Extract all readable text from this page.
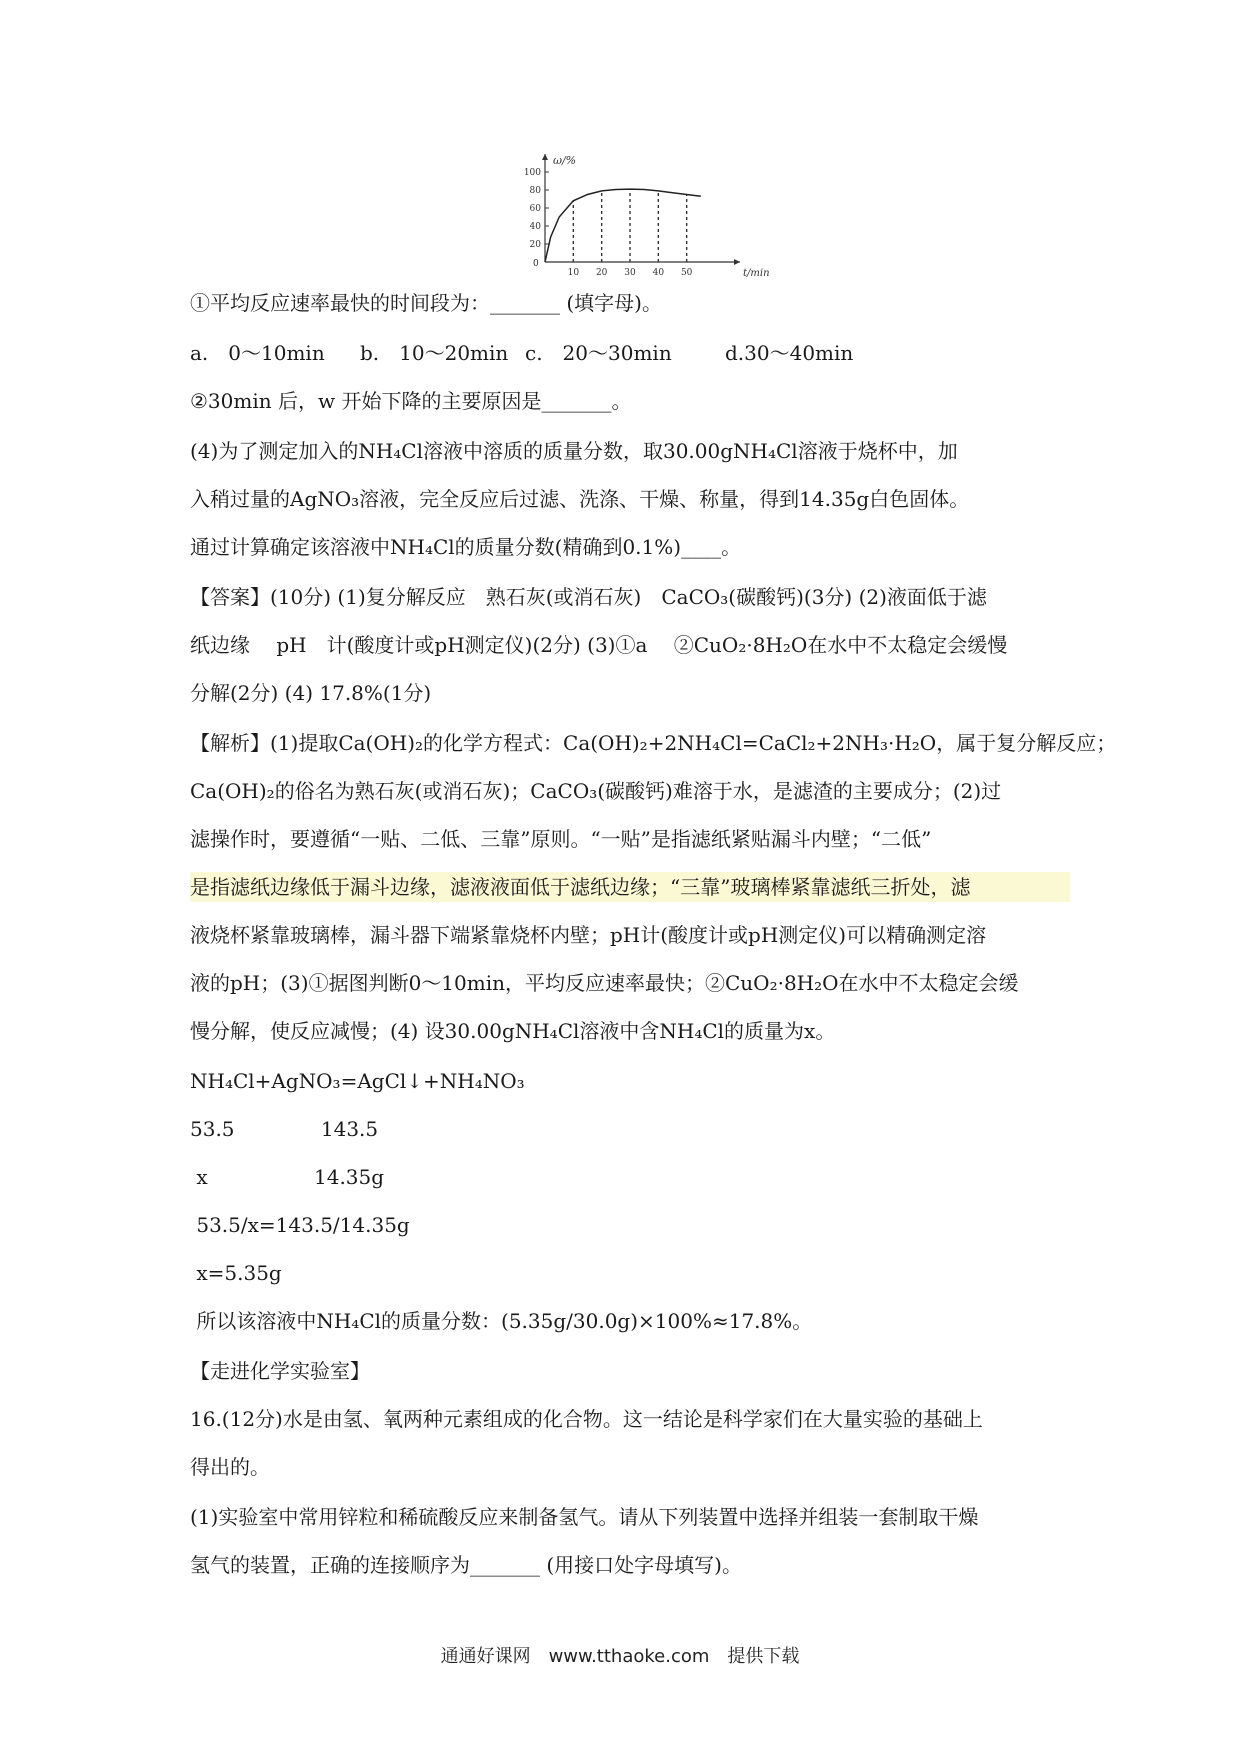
ω/%
t/min
0
20
40
60
80
100
10 20 30 40 50
①平均反应速率最快的时间段为：_______ (填字母)。
a.　0～10min b.　10～20min c.　20～30min	d.30～40min
②30min 后，w 开始下降的主要原因是_______。
(4)为了测定加入的NH₄Cl溶液中溶质的质量分数，取30.00gNH₄Cl溶液于烧杯中，加
入稍过量的AgNO₃溶液，完全反应后过滤、洗涤、干燥、称量，得到14.35g白色固体。
通过计算确定该溶液中NH₄Cl的质量分数(精确到0.1%)____。
【答案】(10分) (1)复分解反应　熟石灰(或消石灰)　CaCO₃(碳酸钙)(3分) (2)液面低于滤
纸边缘　 pH　计(酸度计或pH测定仪)(2分) (3)①a　 ②CuO₂·8H₂O在水中不太稳定会缓慢
分解(2分) (4) 17.8%(1分)
【解析】(1)提取Ca(OH)₂的化学方程式：Ca(OH)₂+2NH₄Cl=CaCl₂+2NH₃·H₂O，属于复分解反应；
Ca(OH)₂的俗名为熟石灰(或消石灰)；CaCO₃(碳酸钙)难溶于水，是滤渣的主要成分；(2)过
滤操作时，要遵循“一贴、二低、三靠”原则。“一贴”是指滤纸紧贴漏斗内壁；“二低”
是指滤纸边缘低于漏斗边缘，滤液液面低于滤纸边缘；“三靠”玻璃棒紧靠滤纸三折处，滤
液烧杯紧靠玻璃棒，漏斗器下端紧靠烧杯内壁；pH计(酸度计或pH测定仪)可以精确测定溶
液的pH；(3)①据图判断0～10min，平均反应速率最快；②CuO₂·8H₂O在水中不太稳定会缓
慢分解，使反应减慢；(4) 设30.00gNH₄Cl溶液中含NH₄Cl的质量为x。
NH₄Cl+AgNO₃=AgCl↓+NH₄NO₃
53.5　　　　 143.5
x　　　　　 14.35g
53.5/x=143.5/14.35g
x=5.35g
所以该溶液中NH₄Cl的质量分数：(5.35g/30.0g)×100%≈17.8%。
【走进化学实验室】
16.(12分)水是由氢、氧两种元素组成的化合物。这一结论是科学家们在大量实验的基础上
得出的。
(1)实验室中常用锌粒和稀硫酸反应来制备氢气。请从下列装置中选择并组装一套制取干燥
氢气的装置，正确的连接顺序为_______ (用接口处字母填写)。
通通好课网　www.tthaoke.com　提供下载
